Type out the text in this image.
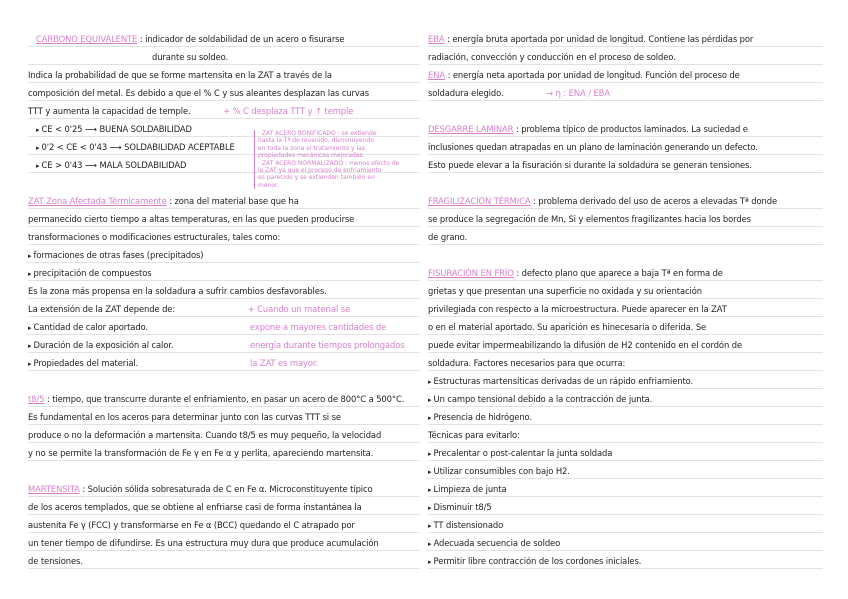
CARBONO EQUIVALENTE : indicador de soldabilidad de un acero o fisurarse
durante su soldeo.
Indica la probabilidad de que se forme martensita en la ZAT a través de la
composición del metal. Es debido a que el % C y sus aleantes desplazan las curvas
TTT y aumenta la capacidad de temple.	+ % C desplaza TTT y ↑ temple
▸ CE < 0'25 ⟶ BUENA SOLDABILIDAD
▸ 0'2 < CE < 0'43 ⟶ SOLDABILIDAD ACEPTABLE
▸ CE > 0'43 ⟶ MALA SOLDABILIDAD
ZAT Zona Afectada Térmicamente : zona del material base que ha
permanecido cierto tiempo a altas temperaturas, en las que pueden producirse
transformaciones o modificaciones estructurales, tales como:
▸ formaciones de otras fases (precipitados)
▸ precipitación de compuestos
Es la zona más propensa en la soldadura a sufrir cambios desfavorables.
La extensión de la ZAT depende de:	+ Cuando un material se
▸ Cantidad de calor aportado.	expone a mayores cantidades de
▸ Duración de la exposición al calor.	energía durante tiempos prolongados
▸ Propiedades del material.	la ZAT es mayor.
t8/5 : tiempo, que transcurre durante el enfriamiento, en pasar un acero de 800°C a 500°C.
Es fundamental en los aceros para determinar junto con las curvas TTT si se
produce o no la deformación a martensita. Cuando t8/5 es muy pequeño, la velocidad
y no se permite la transformación de Fe γ en Fe α y perlita, apareciendo martensita.
MARTENSITA : Solución sólida sobresaturada de C en Fe α. Microconstituyente típico
de los aceros templados, que se obtiene al enfriarse casi de forma instantánea la
austenita Fe γ (FCC) y transformarse en Fe α (BCC) quedando el C atrapado por
un tener tiempo de difundirse. Es una estructura muy dura que produce acumulación
de tensiones.
· ZAT ACERO BONIFICADO : se extiende
hasta la Tª de revenido, disminuyendo
en toda la zona el tratamiento y las
propiedades mecánicas mejoradas.
· ZAT ACERO NORMALIZADO : menos efecto de
la ZAT ya que el proceso de enfriamiento
es parecido y se extienden también en
menor.
EBA : energía bruta aportada por unidad de longitud. Contiene las pérdidas por
radiación, convección y conducción en el proceso de soldeo.
ENA : energía neta aportada por unidad de longitud. Función del proceso de
soldadura elegido.	→ η : ENA / EBA
DESGARRE LAMINAR : problema típico de productos laminados. La suciedad e
inclusiones quedan atrapadas en un plano de laminación generando un defecto.
Esto puede elevar a la fisuración si durante la soldadura se generan tensiones.
FRAGILIZACIÓN TÉRMICA : problema derivado del uso de aceros a elevadas Tª donde
se produce la segregación de Mn, Si y elementos fragilizantes hacia los bordes
de grano.
FISURACIÓN EN FRÍO : defecto plano que aparece a baja Tª en forma de
grietas y que presentan una superficie no oxidada y su orientación
privilegiada con respecto a la microestructura. Puede aparecer en la ZAT
o en el material aportado. Su aparición es hinecesaria o diferida. Se
puede evitar impermeabilizando la difusión de H2 contenido en el cordón de
soldadura. Factores necesarios para que ocurra:
▸ Estructuras martensíticas derivadas de un rápido enfriamiento.
▸ Un campo tensional debido a la contracción de junta.
▸ Presencia de hidrógeno.
Técnicas para evitarlo:
▸ Precalentar o post-calentar la junta soldada
▸ Utilizar consumibles con bajo H2.
▸ Limpieza de junta
▸ Disminuir t8/5
▸ TT distensionado
▸ Adecuada secuencia de soldeo
▸ Permitir libre contracción de los cordones iniciales.
